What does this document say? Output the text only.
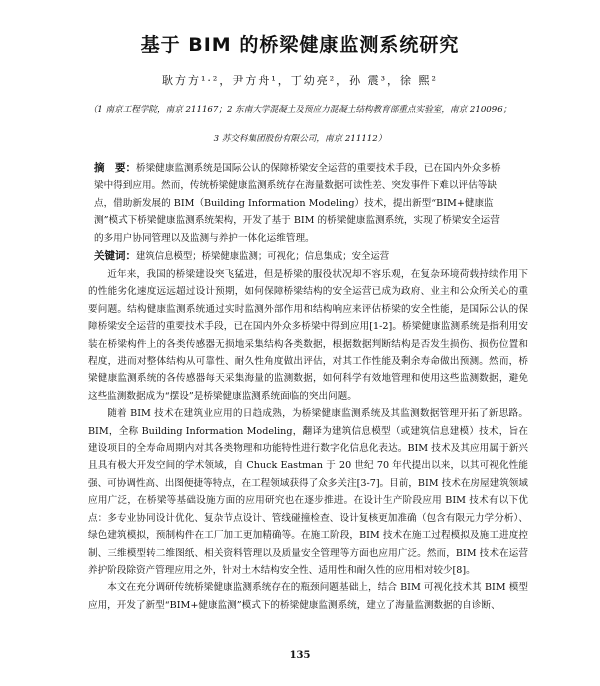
基于 BIM 的桥梁健康监测系统研究
耿方方¹·²，尹方舟¹，丁幼亮²，孙 震³，徐 熙²
（1 南京工程学院，南京 211167；2 东南大学混凝土及预应力混凝土结构教育部重点实验室，南京 210096；
3 苏交科集团股份有限公司，南京 211112）

摘　要：桥梁健康监测系统是国际公认的保障桥梁安全运营的重要技术手段，已在国内外众多桥梁中得到应用。然而，传统桥梁健康监测系统存在海量数据可读性差、突发事件下难以评估等缺点，借助新发展的 BIM（Building Information Modeling）技术，提出新型“BIM+健康监测”模式下桥梁健康监测系统架构，开发了基于 BIM 的桥梁健康监测系统，实现了桥梁安全运营的多用户协同管理以及监测与养护一体化运维管理。

关键词：建筑信息模型；桥梁健康监测；可视化；信息集成；安全运营

近年来，我国的桥梁建设突飞猛进，但是桥梁的服役状况却不容乐观，在复杂环境荷载持续作用下的性能劣化速度远远超过设计预期，如何保障桥梁结构的安全运营已成为政府、业主和公众所关心的重要问题。结构健康监测系统通过实时监测外部作用和结构响应来评估桥梁的安全性能，是国际公认的保障桥梁安全运营的重要技术手段，已在国内外众多桥梁中得到应用[1-2]。桥梁健康监测系统是指利用安装在桥梁构件上的各类传感器无损地采集结构各类数据，根据数据判断结构是否发生损伤、损伤位置和程度，进而对整体结构从可靠性、耐久性角度做出评估，对其工作性能及剩余寿命做出预测。然而，桥梁健康监测系统的各传感器每天采集海量的监测数据，如何科学有效地管理和使用这些监测数据，避免这些监测数据成为“摆设”是桥梁健康监测系统面临的突出问题。

随着 BIM 技术在建筑业应用的日趋成熟，为桥梁健康监测系统及其监测数据管理开拓了新思路。BIM，全称 Building Information Modeling，翻译为建筑信息模型（或建筑信息建模）技术，旨在建设项目的全寿命周期内对其各类物理和功能特性进行数字化信息化表达。BIM 技术及其应用属于新兴且具有极大开发空间的学术领域，自 Chuck Eastman 于 20 世纪 70 年代提出以来，以其可视化性能强、可协调性高、出图便捷等特点，在工程领域获得了众多关注[3-7]。目前，BIM 技术在房屋建筑领域应用广泛，在桥梁等基础设施方面的应用研究也在逐步推进。在设计生产阶段应用 BIM 技术有以下优点：多专业协同设计优化、复杂节点设计、管线碰撞检查、设计复核更加准确（包含有限元力学分析）、绿色建筑模拟，预制构件在工厂加工更加精确等。在施工阶段，BIM 技术在施工过程模拟及施工进度控制、三维模型转二维图纸、相关资料管理以及质量安全管理等方面也应用广泛。然而，BIM 技术在运营养护阶段除资产管理应用之外，针对土木结构安全性、适用性和耐久性的应用相对较少[8]。

本文在充分调研传统桥梁健康监测系统存在的瓶颈问题基础上，结合 BIM 可视化技术其 BIM 模型应用，开发了新型“BIM+健康监测”模式下的桥梁健康监测系统，建立了海量监测数据的自诊断、

135
